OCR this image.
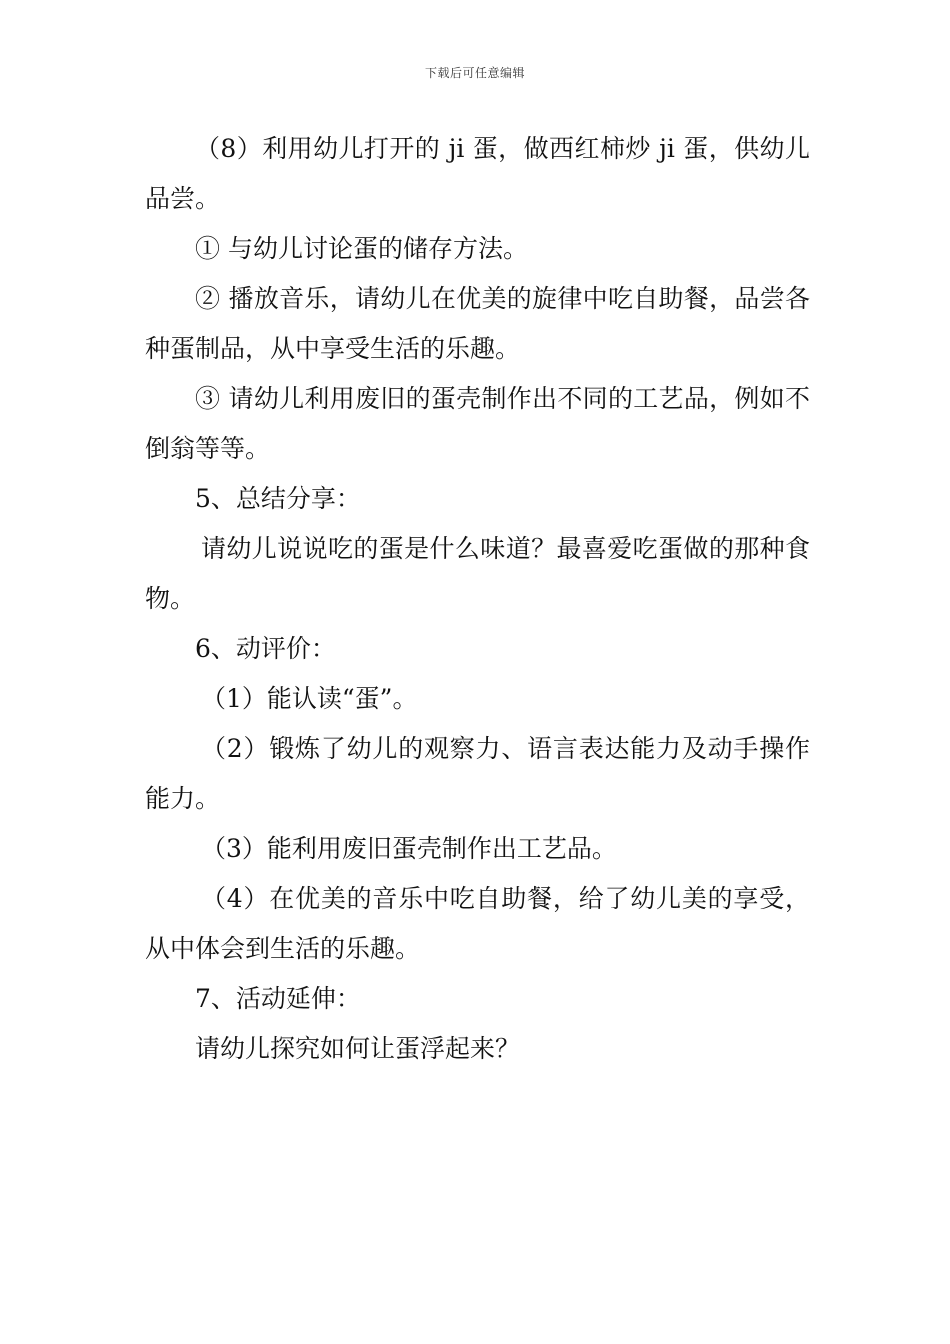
下载后可任意编辑

（8）利用幼儿打开的 ji 蛋，做西红柿炒 ji 蛋，供幼儿品尝。

① 与幼儿讨论蛋的储存方法。

② 播放音乐，请幼儿在优美的旋律中吃自助餐，品尝各种蛋制品，从中享受生活的乐趣。

③ 请幼儿利用废旧的蛋壳制作出不同的工艺品，例如不倒翁等等。

5、总结分享：

请幼儿说说吃的蛋是什么味道？最喜爱吃蛋做的那种食物。

6、动评价：

（1）能认读“蛋”。

（2）锻炼了幼儿的观察力、语言表达能力及动手操作能力。

（3）能利用废旧蛋壳制作出工艺品。

（4）在优美的音乐中吃自助餐，给了幼儿美的享受，从中体会到生活的乐趣。

7、活动延伸：

请幼儿探究如何让蛋浮起来？
